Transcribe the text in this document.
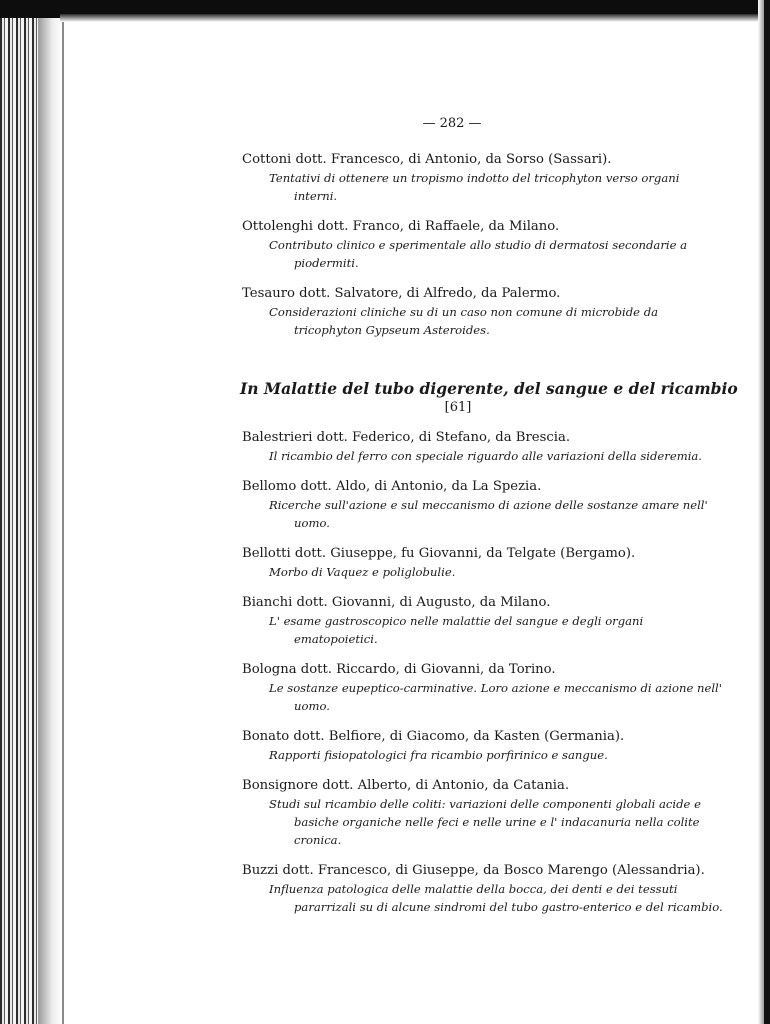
— 282 —
Cottoni dott. Francesco, di Antonio, da Sorso (Sassari).
Tentativi di ottenere un tropismo indotto del tricophyton verso organi interni.
Ottolenghi dott. Franco, di Raffaele, da Milano.
Contributo clinico e sperimentale allo studio di dermatosi secondarie a piodermiti.
Tesauro dott. Salvatore, di Alfredo, da Palermo.
Considerazioni cliniche su di un caso non comune di microbide da tricophyton Gypseum Asteroides.
In Malattie del tubo digerente, del sangue e del ricambio
[61]
Balestrieri dott. Federico, di Stefano, da Brescia.
Il ricambio del ferro con speciale riguardo alle variazioni della sideremia.
Bellomo dott. Aldo, di Antonio, da La Spezia.
Ricerche sull'azione e sul meccanismo di azione delle sostanze amare nell' uomo.
Bellotti dott. Giuseppe, fu Giovanni, da Telgate (Bergamo).
Morbo di Vaquez e poliglobulie.
Bianchi dott. Giovanni, di Augusto, da Milano.
L' esame gastroscopico nelle malattie del sangue e degli organi ematopoietici.
Bologna dott. Riccardo, di Giovanni, da Torino.
Le sostanze eupeptico-carminative. Loro azione e meccanismo di azione nell' uomo.
Bonato dott. Belfiore, di Giacomo, da Kasten (Germania).
Rapporti fisiopatologici fra ricambio porfirinico e sangue.
Bonsignore dott. Alberto, di Antonio, da Catania.
Studi sul ricambio delle coliti: variazioni delle componenti globali acide e basiche organiche nelle feci e nelle urine e l' indacanuria nella colite cronica.
Buzzi dott. Francesco, di Giuseppe, da Bosco Marengo (Alessandria).
Influenza patologica delle malattie della bocca, dei denti e dei tessuti pararrizali su di alcune sindromi del tubo gastro-enterico e del ricambio.
